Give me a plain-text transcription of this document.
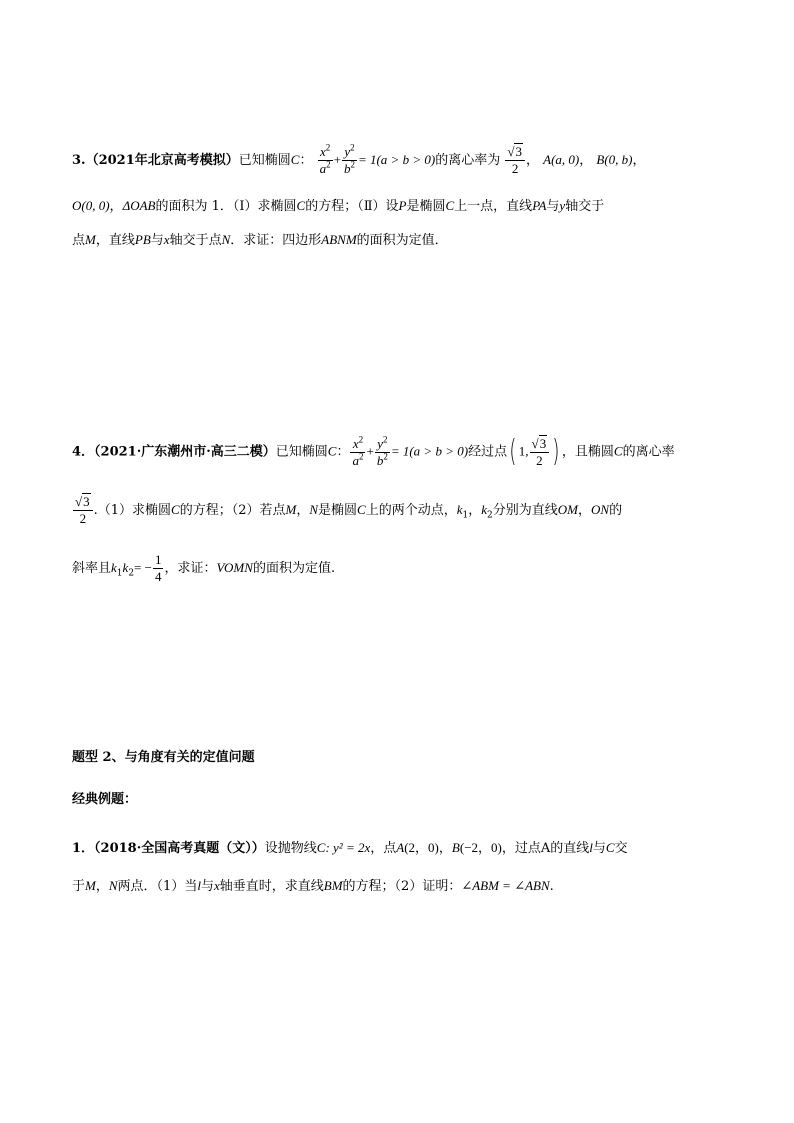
3.（2021年北京高考模拟）已知椭圆C： $\frac{x^2}{a^2} + \frac{y^2}{b^2} = 1(a > b > 0)$的离心率为 $\frac{√3}{2}$ ， A(a, 0)， B(0, b)，
O(0, 0)，ΔOAB的面积为 1．（Ⅰ）求椭圆C的方程；（Ⅱ）设P是椭圆C上一点，直线PA与y轴交于
点M，直线PB与x轴交于点N．求证：四边形ABNM的面积为定值．
4．（2021·广东潮州市·高三二模）已知椭圆C： $\frac{x^2}{a^2} + \frac{y^2}{b^2} = 1(a > b > 0)$经过点( 1, $\frac{√3}{2}$ ) ，且椭圆C的离心率
$\frac{√3}{2} .(1)$求椭圆C的方程；（2）若点M，N是椭圆C上的两个动点，$k_1$，$k_2$分别为直线OM，ON的
斜率且$k_1k_2= - \frac{1}{4}$ ，求证：VOMN的面积为定值.
题型 2、与角度有关的定值问题
经典例题：
1．（2018·全国高考真题（文））设抛物线C: y² = 2x，点A(2，0)，B(−2，0)，过点A的直线l与C交
于M，N两点．（1）当l与x轴垂直时，求直线BM的方程；（2）证明：∠ABM = ∠ABN.
